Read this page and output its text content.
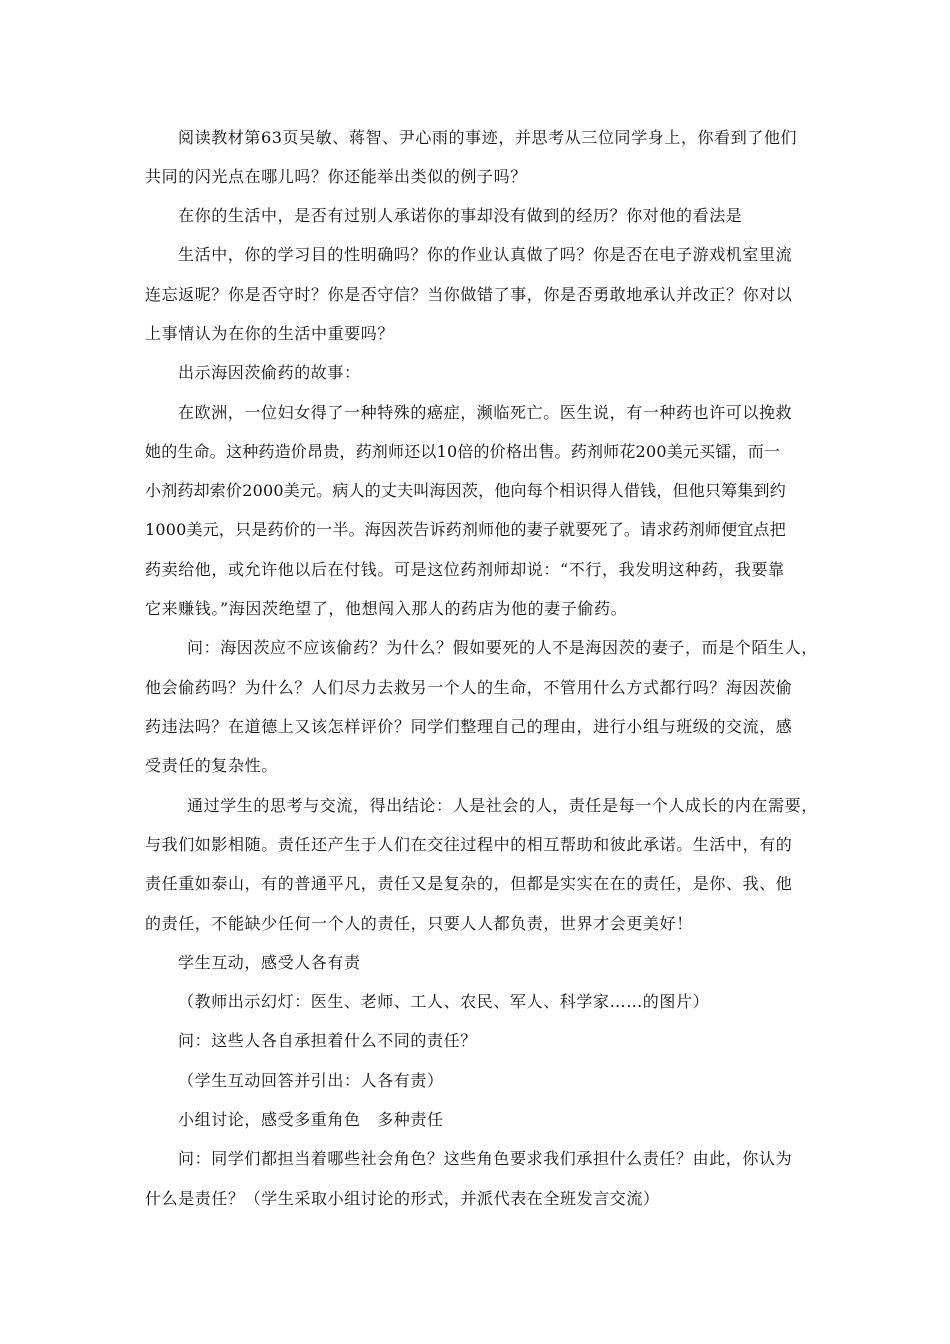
阅读教材第63页吴敏、蒋智、尹心雨的事迹，并思考从三位同学身上，你看到了他们
共同的闪光点在哪儿吗？你还能举出类似的例子吗？
在你的生活中，是否有过别人承诺你的事却没有做到的经历？你对他的看法是
生活中，你的学习目的性明确吗？你的作业认真做了吗？你是否在电子游戏机室里流
连忘返呢？你是否守时？你是否守信？当你做错了事，你是否勇敢地承认并改正？你对以
上事情认为在你的生活中重要吗？
出示海因茨偷药的故事：
在欧洲，一位妇女得了一种特殊的癌症，濒临死亡。医生说，有一种药也许可以挽救
她的生命。这种药造价昂贵，药剂师还以10倍的价格出售。药剂师花200美元买镭，而一
小剂药却索价2000美元。病人的丈夫叫海因茨，他向每个相识得人借钱，但他只筹集到约
1000美元，只是药价的一半。海因茨告诉药剂师他的妻子就要死了。请求药剂师便宜点把
药卖给他，或允许他以后在付钱。可是这位药剂师却说：“不行，我发明这种药，我要靠
它来赚钱。”海因茨绝望了，他想闯入那人的药店为他的妻子偷药。
问：海因茨应不应该偷药？为什么？假如要死的人不是海因茨的妻子，而是个陌生人，
他会偷药吗？为什么？人们尽力去救另一个人的生命，不管用什么方式都行吗？海因茨偷
药违法吗？在道德上又该怎样评价？同学们整理自己的理由，进行小组与班级的交流，感
受责任的复杂性。
通过学生的思考与交流，得出结论：人是社会的人，责任是每一个人成长的内在需要，
与我们如影相随。责任还产生于人们在交往过程中的相互帮助和彼此承诺。生活中，有的
责任重如泰山，有的普通平凡，责任又是复杂的，但都是实实在在的责任，是你、我、他
的责任，不能缺少任何一个人的责任，只要人人都负责，世界才会更美好！
学生互动，感受人各有责
（教师出示幻灯：医生、老师、工人、农民、军人、科学家……的图片）
问：这些人各自承担着什么不同的责任？
（学生互动回答并引出：人各有责）
小组讨论，感受多重角色　多种责任
问：同学们都担当着哪些社会角色？这些角色要求我们承担什么责任？由此，你认为
什么是责任？（学生采取小组讨论的形式，并派代表在全班发言交流）
